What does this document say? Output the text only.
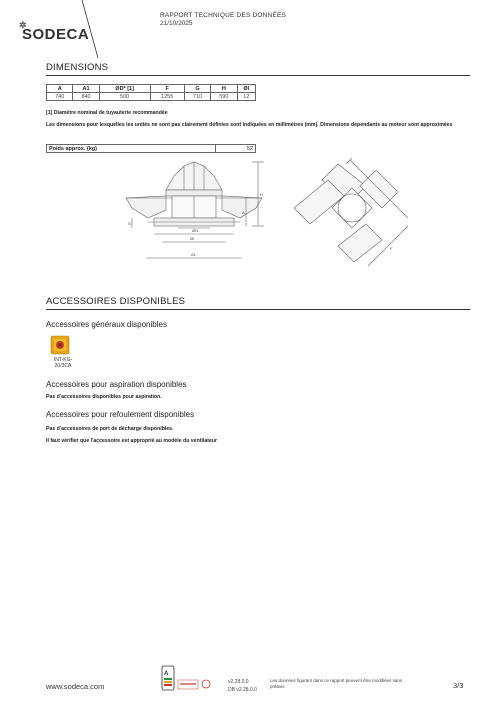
✲
SODECA
RAPPORT TECHNIQUE DES DONNÉES
21/10/2025
DIMENSIONS
A	A1	ØD* [1]	F	G	H	ØI
740	840	500	1255	710	590	12
[1] Diamètre nominal de tuyauterie recommandée
Les dimensions pour lesquelles les unités ne sont pas clairement définies sont indiquées en millimètres (mm). Dimensions dépendants au moteur sont approximées
Poids approx. (kg)	52
ØD
ØI
A1
G
A
H
F
ACCESSOIRES DISPONIBLES
Accessoires généraux disponibles
INT-KG-20/3CA
Accessoires pour aspiration disponibles
Pas d'accessoires disponibles pour aspiration.
Accessoires pour refoulement disponibles
Pas d'accessoires de port de décharge disponibles.
Il faut vérifier que l'accessoire est approprié au modèle du ventilateur
A
v2.28.0.0
DB v2.28.0.0
Les données figurant dans ce rapport peuvent être modifiées sans préavis
www.sodeca.com	3/3
